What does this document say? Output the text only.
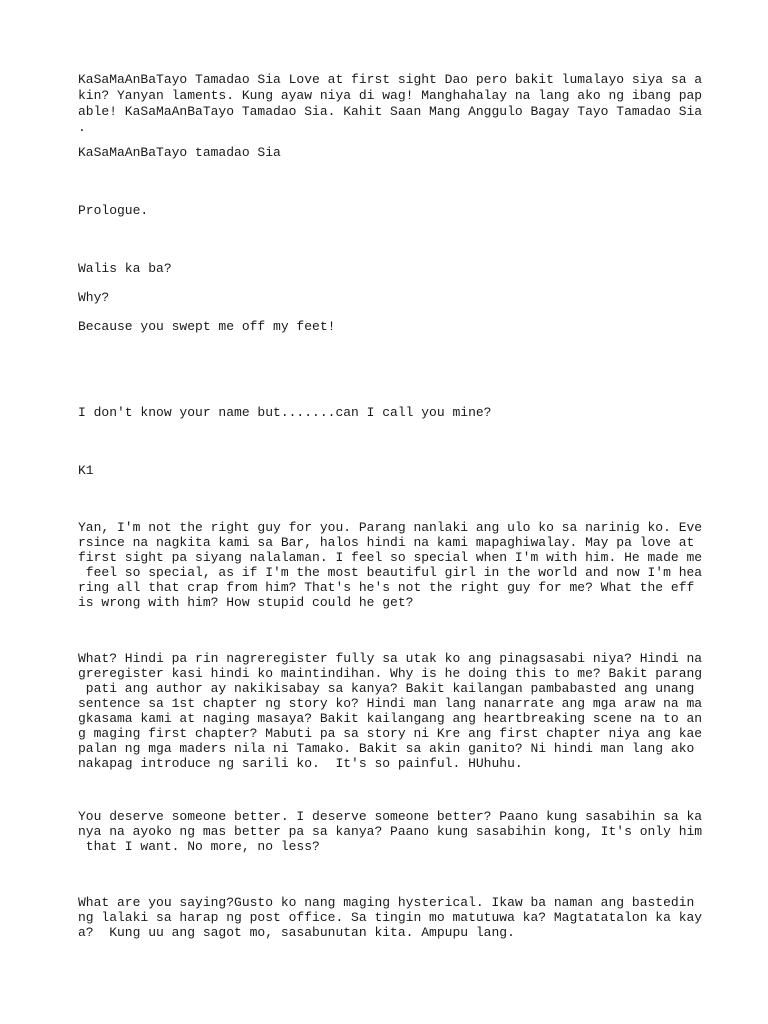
KaSaMaAnBaTayo Tamadao Sia Love at first sight Dao pero bakit lumalayo siya sa a

kin? Yanyan laments. Kung ayaw niya di wag! Manghahalay na lang ako ng ibang pap

able! KaSaMaAnBaTayo Tamadao Sia. Kahit Saan Mang Anggulo Bagay Tayo Tamadao Sia

.

KaSaMaAnBaTayo tamadao Sia

Prologue.

Walis ka ba?

Why?

Because you swept me off my feet!

I don't know your name but.......can I call you mine?

K1

Yan, I'm not the right guy for you. Parang nanlaki ang ulo ko sa narinig ko. Eve

rsince na nagkita kami sa Bar, halos hindi na kami mapaghiwalay. May pa love at

first sight pa siyang nalalaman. I feel so special when I'm with him. He made me

feel so special, as if I'm the most beautiful girl in the world and now I'm hea

ring all that crap from him? That's he's not the right guy for me? What the eff

is wrong with him? How stupid could he get?

What? Hindi pa rin nagreregister fully sa utak ko ang pinagsasabi niya? Hindi na

greregister kasi hindi ko maintindihan. Why is he doing this to me? Bakit parang

pati ang author ay nakikisabay sa kanya? Bakit kailangan pambabasted ang unang

sentence sa 1st chapter ng story ko? Hindi man lang nanarrate ang mga araw na ma

gkasama kami at naging masaya? Bakit kailangang ang heartbreaking scene na to an

g maging first chapter? Mabuti pa sa story ni Kre ang first chapter niya ang kae

palan ng mga maders nila ni Tamako. Bakit sa akin ganito? Ni hindi man lang ako

nakapag introduce ng sarili ko.  It's so painful. HUhuhu.

You deserve someone better. I deserve someone better? Paano kung sasabihin sa ka

nya na ayoko ng mas better pa sa kanya? Paano kung sasabihin kong, It's only him

that I want. No more, no less?

What are you saying?Gusto ko nang maging hysterical. Ikaw ba naman ang bastedin

ng lalaki sa harap ng post office. Sa tingin mo matutuwa ka? Magtatatalon ka kay

a?  Kung uu ang sagot mo, sasabunutan kita. Ampupu lang.
